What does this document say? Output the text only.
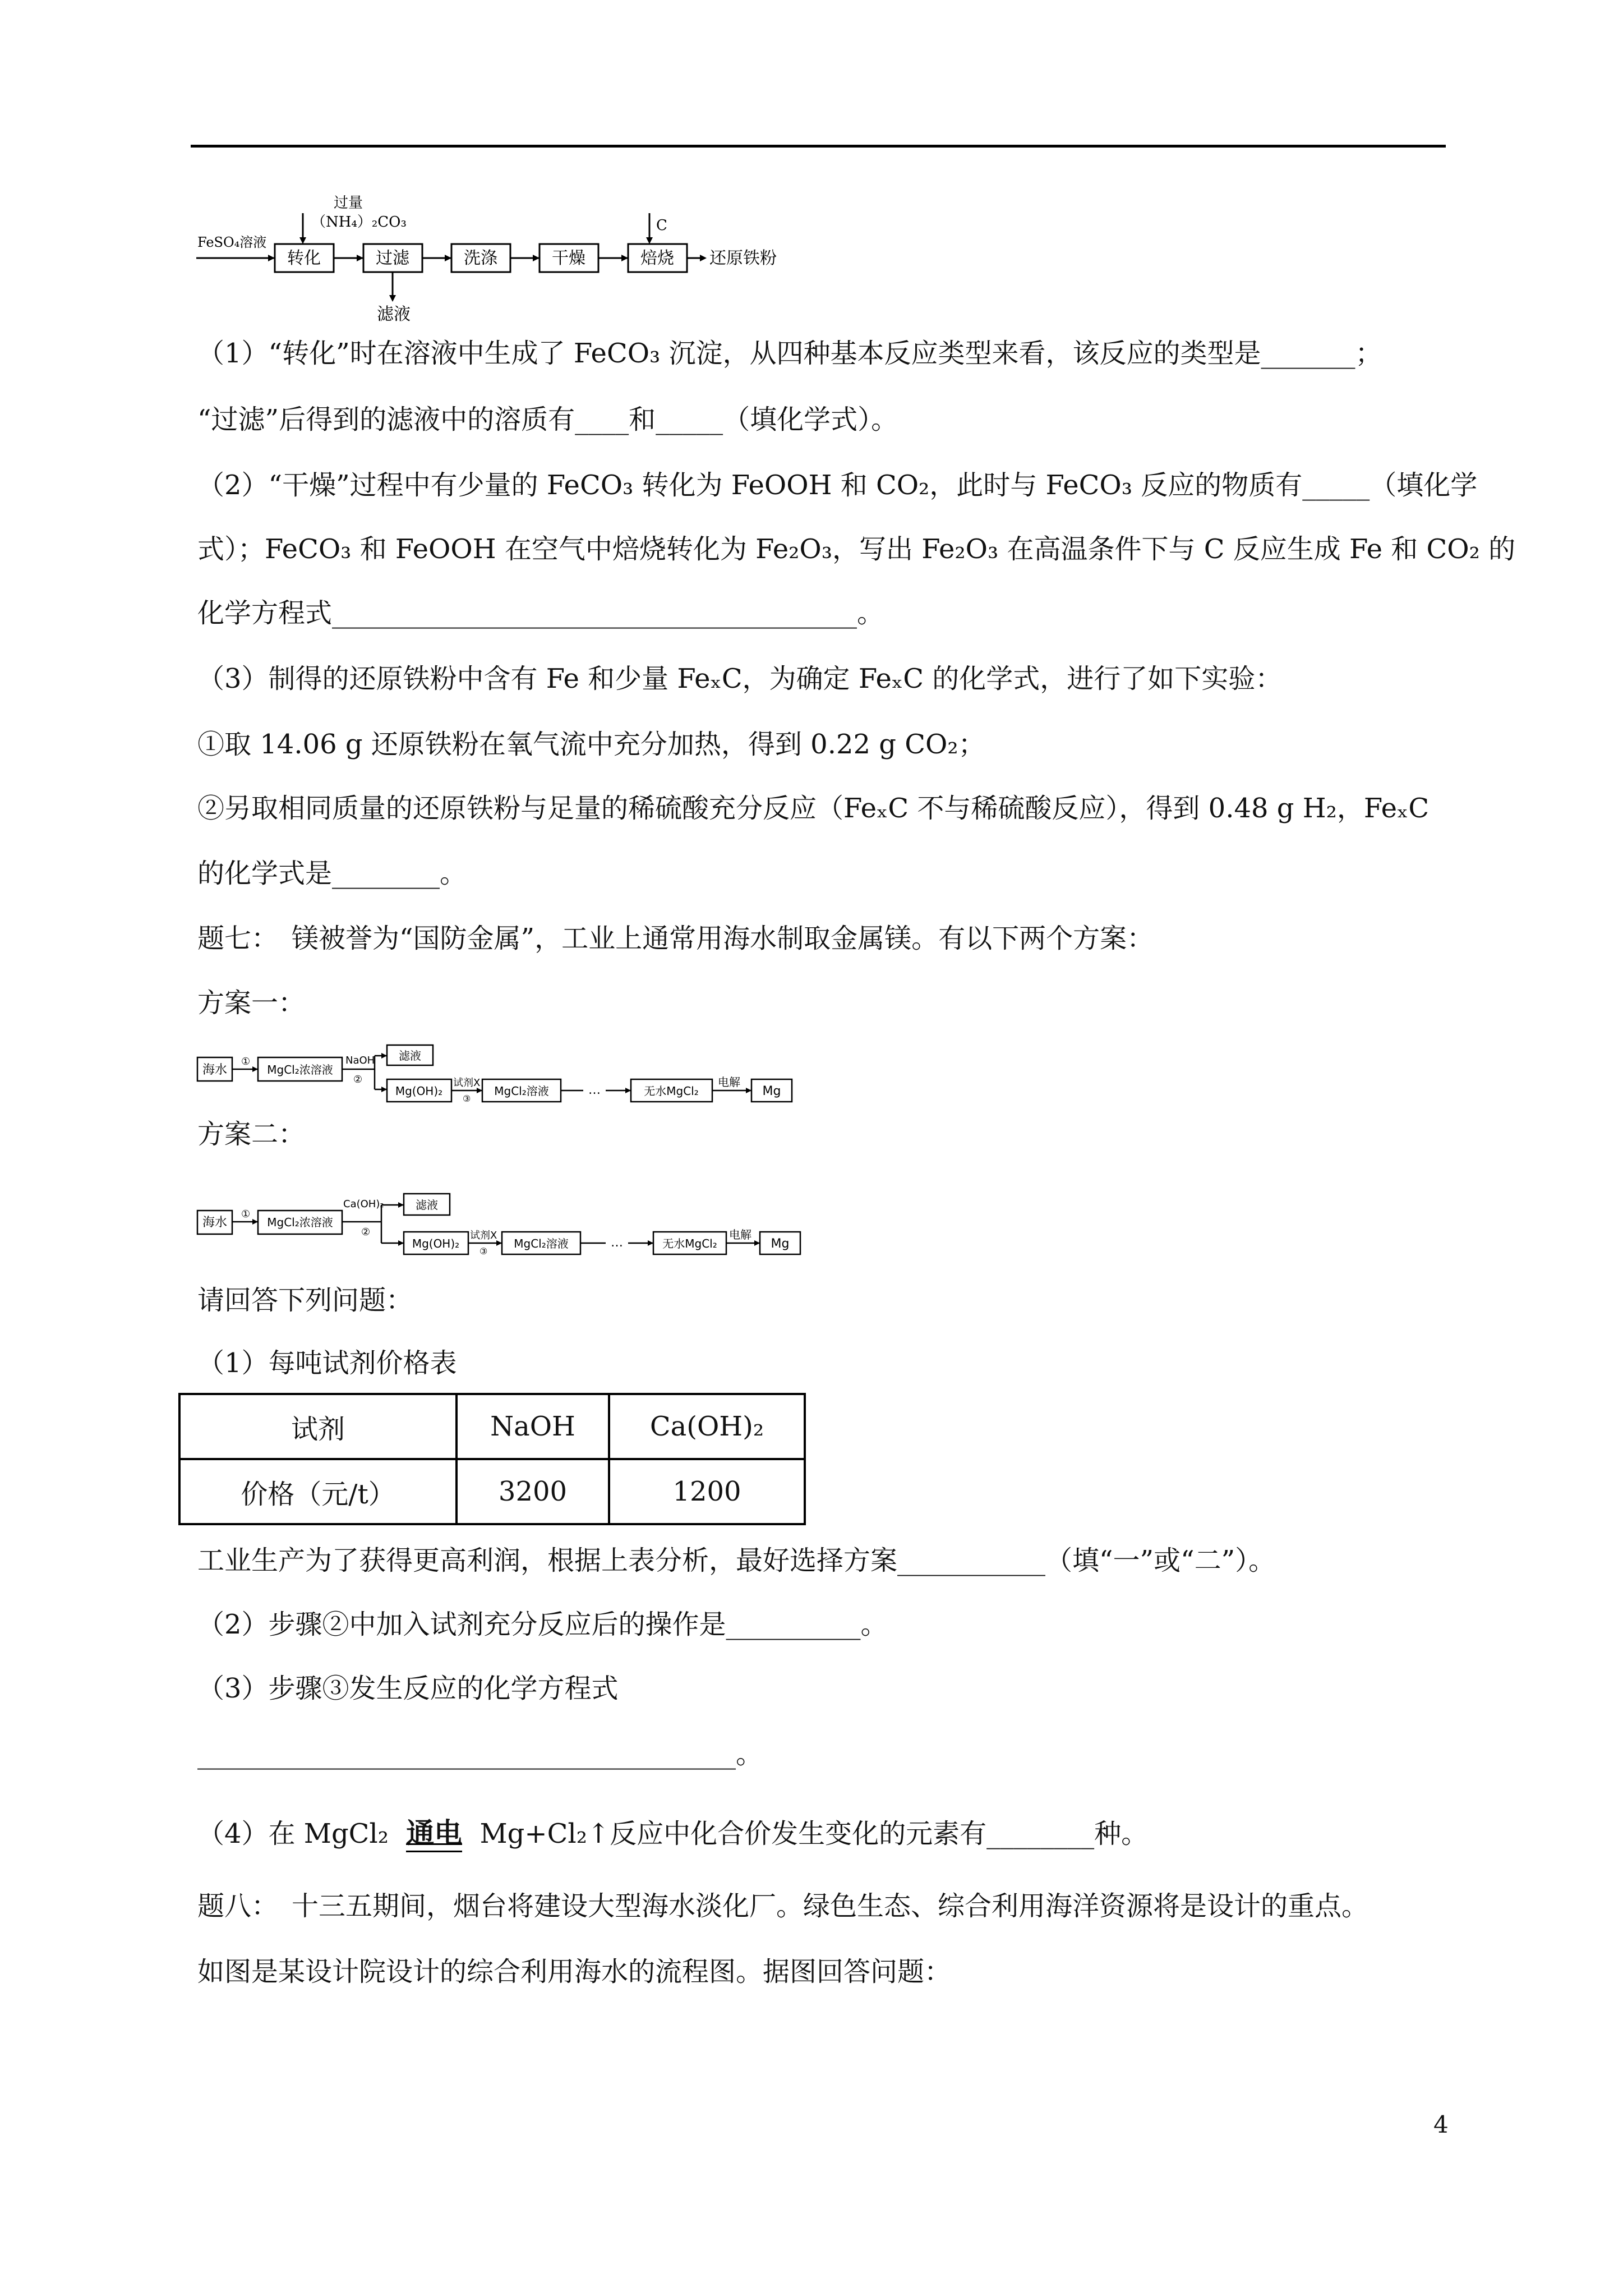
FeSO₄溶液
过量
（NH₄）₂CO₃
转化	过滤	洗涤	干燥	焙烧
C
还原铁粉
滤液
（1）“转化”时在溶液中生成了 FeCO₃ 沉淀，从四种基本反应类型来看，该反应的类型是_______；
“过滤”后得到的滤液中的溶质有____和_____（填化学式）。
（2）“干燥”过程中有少量的 FeCO₃ 转化为 FeOOH 和 CO₂，此时与 FeCO₃ 反应的物质有_____（填化学
式）；FeCO₃ 和 FeOOH 在空气中焙烧转化为 Fe₂O₃，写出 Fe₂O₃ 在高温条件下与 C 反应生成 Fe 和 CO₂ 的
化学方程式_______________________________________。
（3）制得的还原铁粉中含有 Fe 和少量 FeₓC，为确定 FeₓC 的化学式，进行了如下实验：
①取 14.06 g 还原铁粉在氧气流中充分加热，得到 0.22 g CO₂；
②另取相同质量的还原铁粉与足量的稀硫酸充分反应（FeₓC 不与稀硫酸反应），得到 0.48 g H₂，FeₓC
的化学式是________。
题七：　镁被誉为“国防金属”，工业上通常用海水制取金属镁。有以下两个方案：
方案一：
海水
①
MgCl₂浓溶液
NaOH
②
滤液
Mg(OH)₂
试剂X
③
MgCl₂溶液	…	无水MgCl₂
电解
Mg
方案二：
海水
①
MgCl₂浓溶液
Ca(OH)₂
②
滤液
Mg(OH)₂
试剂X
③
MgCl₂溶液	…	无水MgCl₂
电解
Mg
请回答下列问题：
（1）每吨试剂价格表
试剂	NaOH	Ca(OH)₂
价格（元/t）	3200	1200
工业生产为了获得更高利润，根据上表分析，最好选择方案___________（填“一”或“二”）。
（2）步骤②中加入试剂充分反应后的操作是__________。
（3）步骤③发生反应的化学方程式
________________________________________。
（4）在 MgCl₂ 通电 Mg+Cl₂↑反应中化合价发生变化的元素有________种。
题八：　十三五期间，烟台将建设大型海水淡化厂。绿色生态、综合利用海洋资源将是设计的重点。
如图是某设计院设计的综合利用海水的流程图。据图回答问题：
4
